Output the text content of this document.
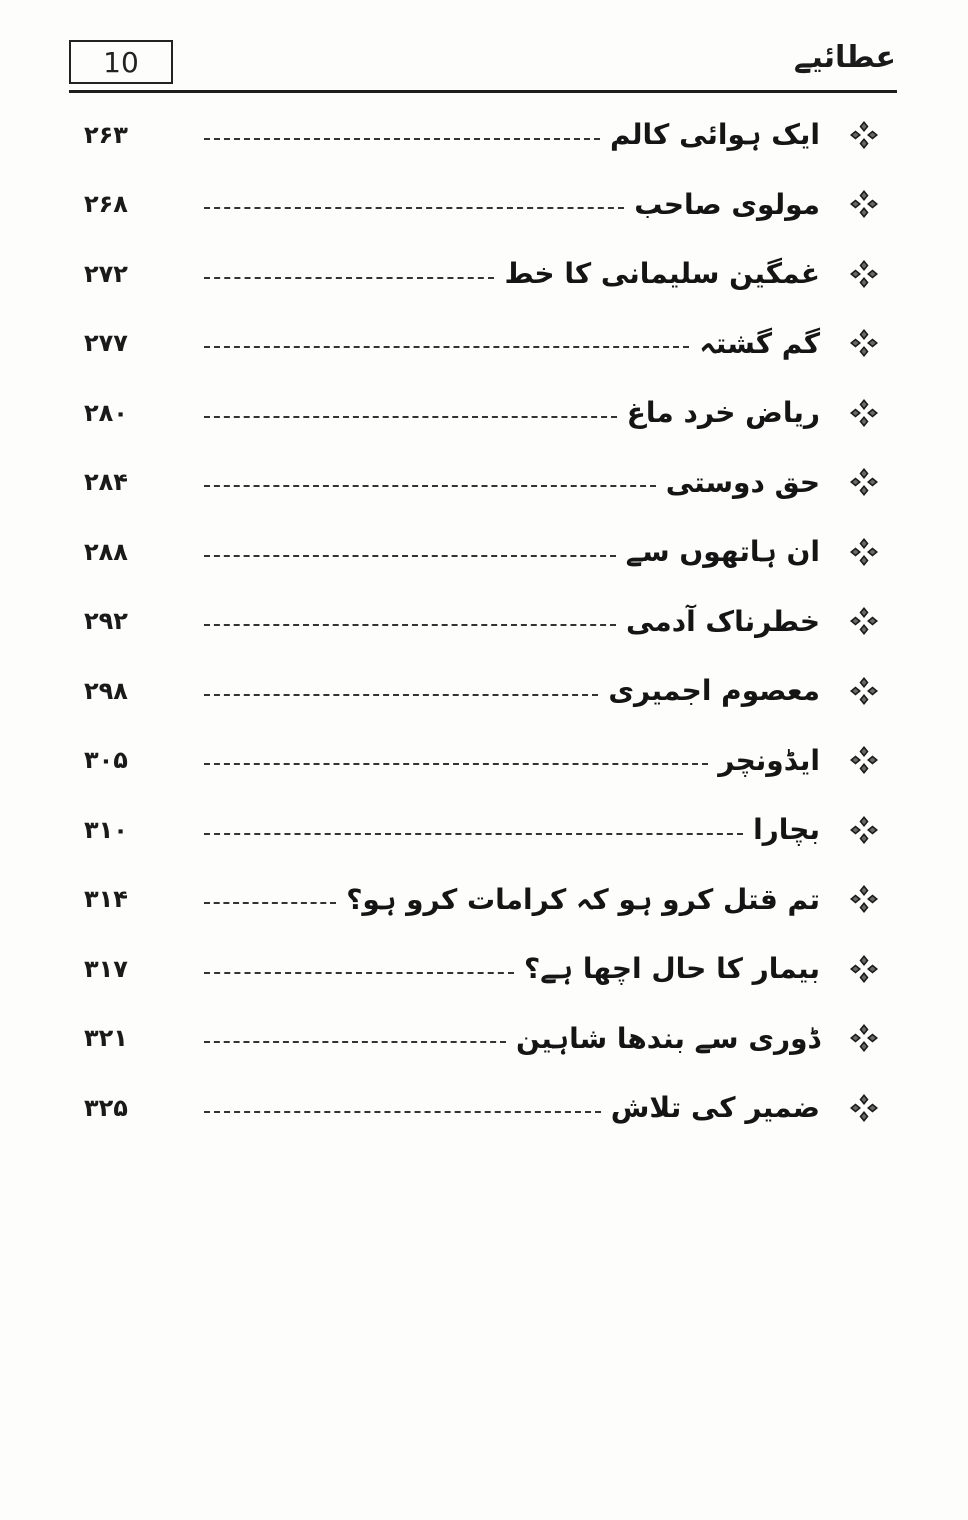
10	عطائیے
ایک ہوائی کالم
۲۶۳
مولوی صاحب
۲۶۸
غمگین سلیمانی کا خط
۲۷۲
گم گشتہ
۲۷۷
ریاض خرد ماغ
۲۸۰
حق دوستی
۲۸۴
ان ہاتھوں سے
۲۸۸
خطرناک آدمی
۲۹۲
معصوم اجمیری
۲۹۸
ایڈونچر
۳۰۵
بچارا
۳۱۰
تم قتل کرو ہو کہ کرامات کرو ہو؟
۳۱۴
بیمار کا حال اچھا ہے؟
۳۱۷
ڈوری سے بندھا شاہین
۳۲۱
ضمیر کی تلاش
۳۲۵
